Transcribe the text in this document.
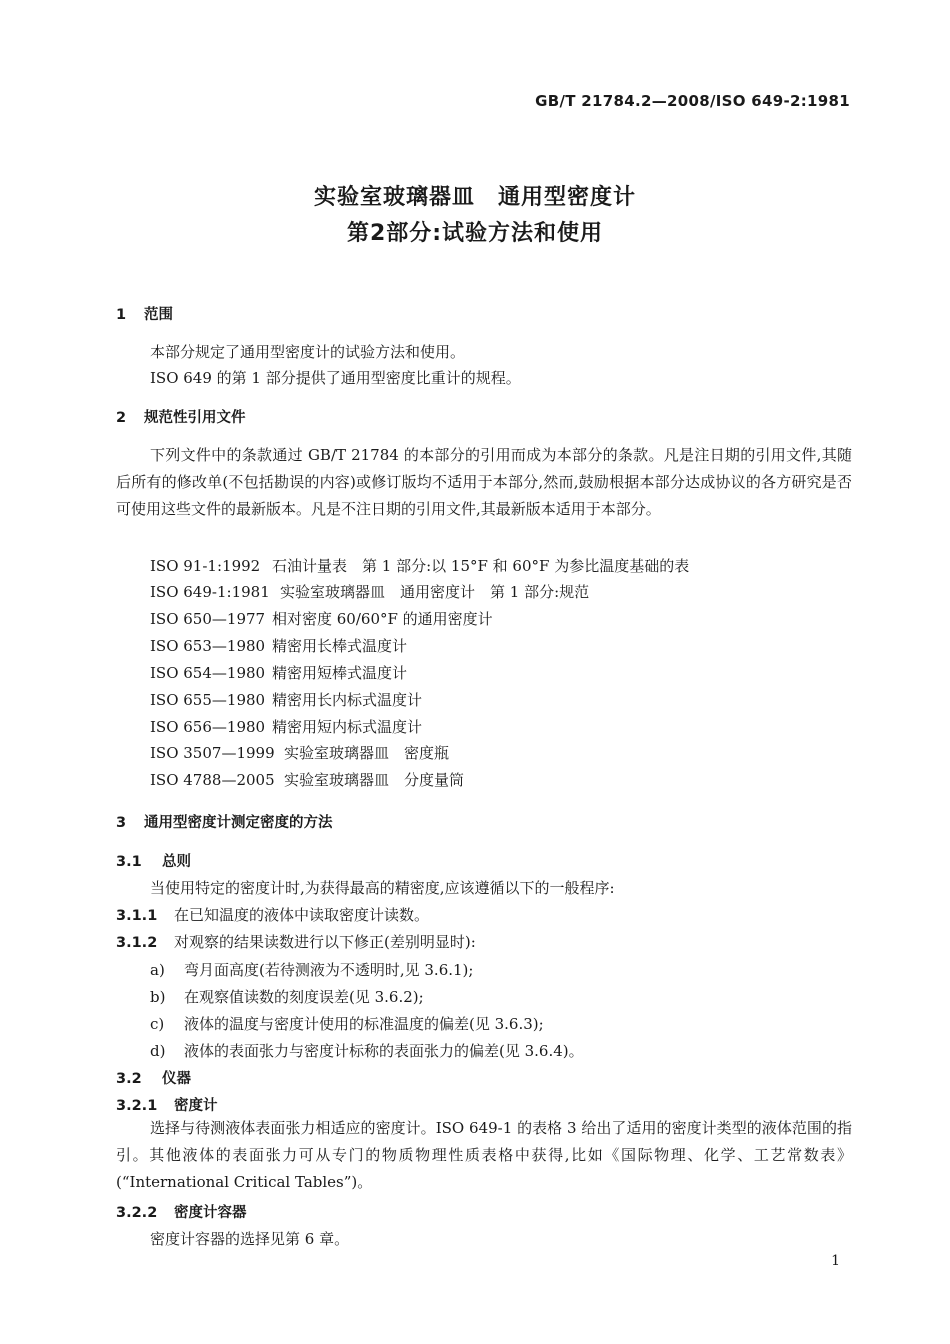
GB/T 21784.2—2008/ISO 649-2:1981
实验室玻璃器皿　通用型密度计
第2部分:试验方法和使用
1 范围
本部分规定了通用型密度计的试验方法和使用。
ISO 649 的第 1 部分提供了通用型密度比重计的规程。
2 规范性引用文件
下列文件中的条款通过 GB/T 21784 的本部分的引用而成为本部分的条款。凡是注日期的引用文件,其随后所有的修改单(不包括勘误的内容)或修订版均不适用于本部分,然而,鼓励根据本部分达成协议的各方研究是否可使用这些文件的最新版本。凡是不注日期的引用文件,其最新版本适用于本部分。
ISO 91-1:1992 石油计量表　第 1 部分:以 15°F 和 60°F 为参比温度基础的表
ISO 649-1:1981 实验室玻璃器皿　通用密度计　第 1 部分:规范
ISO 650—1977 相对密度 60/60°F 的通用密度计
ISO 653—1980 精密用长棒式温度计
ISO 654—1980 精密用短棒式温度计
ISO 655—1980 精密用长内标式温度计
ISO 656—1980 精密用短内标式温度计
ISO 3507—1999 实验室玻璃器皿　密度瓶
ISO 4788—2005 实验室玻璃器皿　分度量筒
3 通用型密度计测定密度的方法
3.1 总则
当使用特定的密度计时,为获得最高的精密度,应该遵循以下的一般程序:
3.1.1 在已知温度的液体中读取密度计读数。
3.1.2 对观察的结果读数进行以下修正(差别明显时):
a) 弯月面高度(若待测液为不透明时,见 3.6.1);
b) 在观察值读数的刻度误差(见 3.6.2);
c) 液体的温度与密度计使用的标准温度的偏差(见 3.6.3);
d) 液体的表面张力与密度计标称的表面张力的偏差(见 3.6.4)。
3.2 仪器
3.2.1 密度计
选择与待测液体表面张力相适应的密度计。ISO 649-1 的表格 3 给出了适用的密度计类型的液体范围的指引。其他液体的表面张力可从专门的物质物理性质表格中获得,比如《国际物理、化学、工艺常数表》(“International Critical Tables”)。
3.2.2 密度计容器
密度计容器的选择见第 6 章。
1
